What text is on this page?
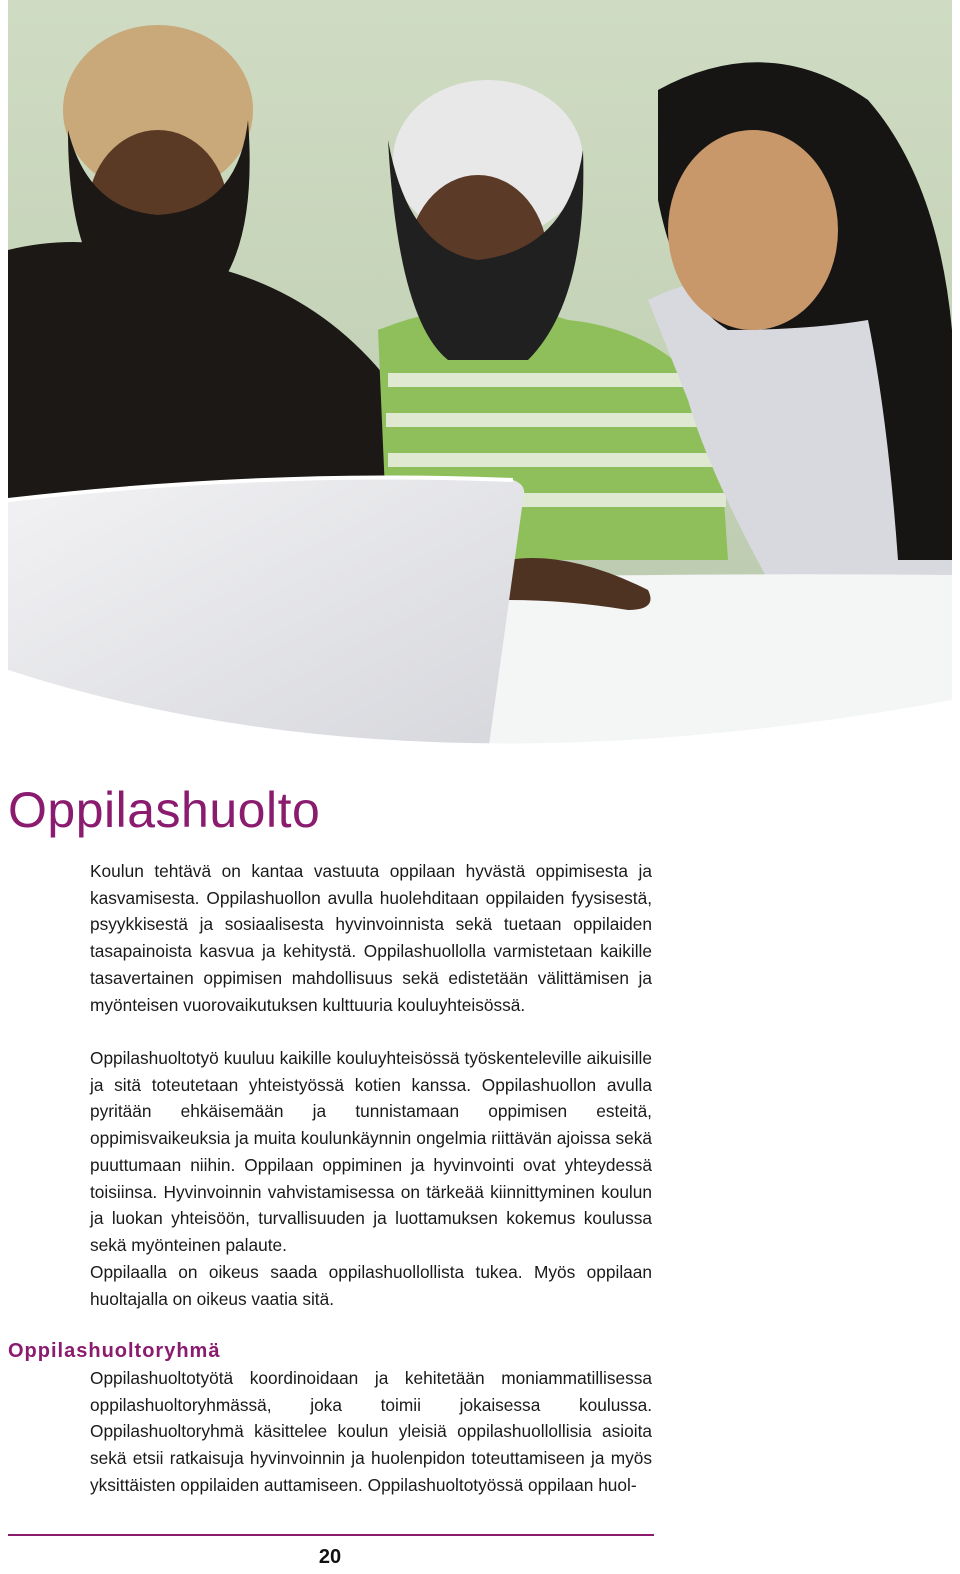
Oppilashuolto

Koulun tehtävä on kantaa vastuuta oppilaan hyvästä oppimisesta ja kasvamisesta. Oppilashuollon avulla huolehditaan oppilaiden fyysisestä, psyykkisestä ja sosiaalisesta hyvinvoinnista sekä tuetaan oppilaiden tasapainoista kasvua ja kehitystä. Oppilashuollolla varmistetaan kaikille tasavertainen oppimisen mahdollisuus sekä edistetään välittämisen ja myönteisen vuorovaikutuksen kulttuuria kouluyhteisössä.

Oppilashuoltotyö kuuluu kaikille kouluyhteisössä työskenteleville aikuisille ja sitä toteutetaan yhteistyössä kotien kanssa. Oppilashuollon avulla pyritään ehkäisemään ja tunnistamaan oppimisen esteitä, oppimisvaikeuksia ja muita koulunkäynnin ongelmia riittävän ajoissa sekä puuttumaan niihin. Oppilaan oppiminen ja hyvinvointi ovat yhteydessä toisiinsa. Hyvinvoinnin vahvistamisessa on tärkeää kiinnittyminen koulun ja luokan yhteisöön, turvallisuuden ja luottamuksen kokemus koulussa sekä myönteinen palaute.

Oppilaalla on oikeus saada oppilashuollollista tukea. Myös oppilaan huoltajalla on oikeus vaatia sitä.

Oppilashuoltoryhmä

Oppilashuoltotyötä koordinoidaan ja kehitetään moniammatillisessa oppilashuoltoryhmässä, joka toimii jokaisessa koulussa. Oppilashuoltoryhmä käsittelee koulun yleisiä oppilashuollollisia asioita sekä etsii ratkaisuja hyvinvoinnin ja huolenpidon toteuttamiseen ja myös yksittäisten oppilaiden auttamiseen. Oppilashuoltotyössä oppilaan huol-

20
